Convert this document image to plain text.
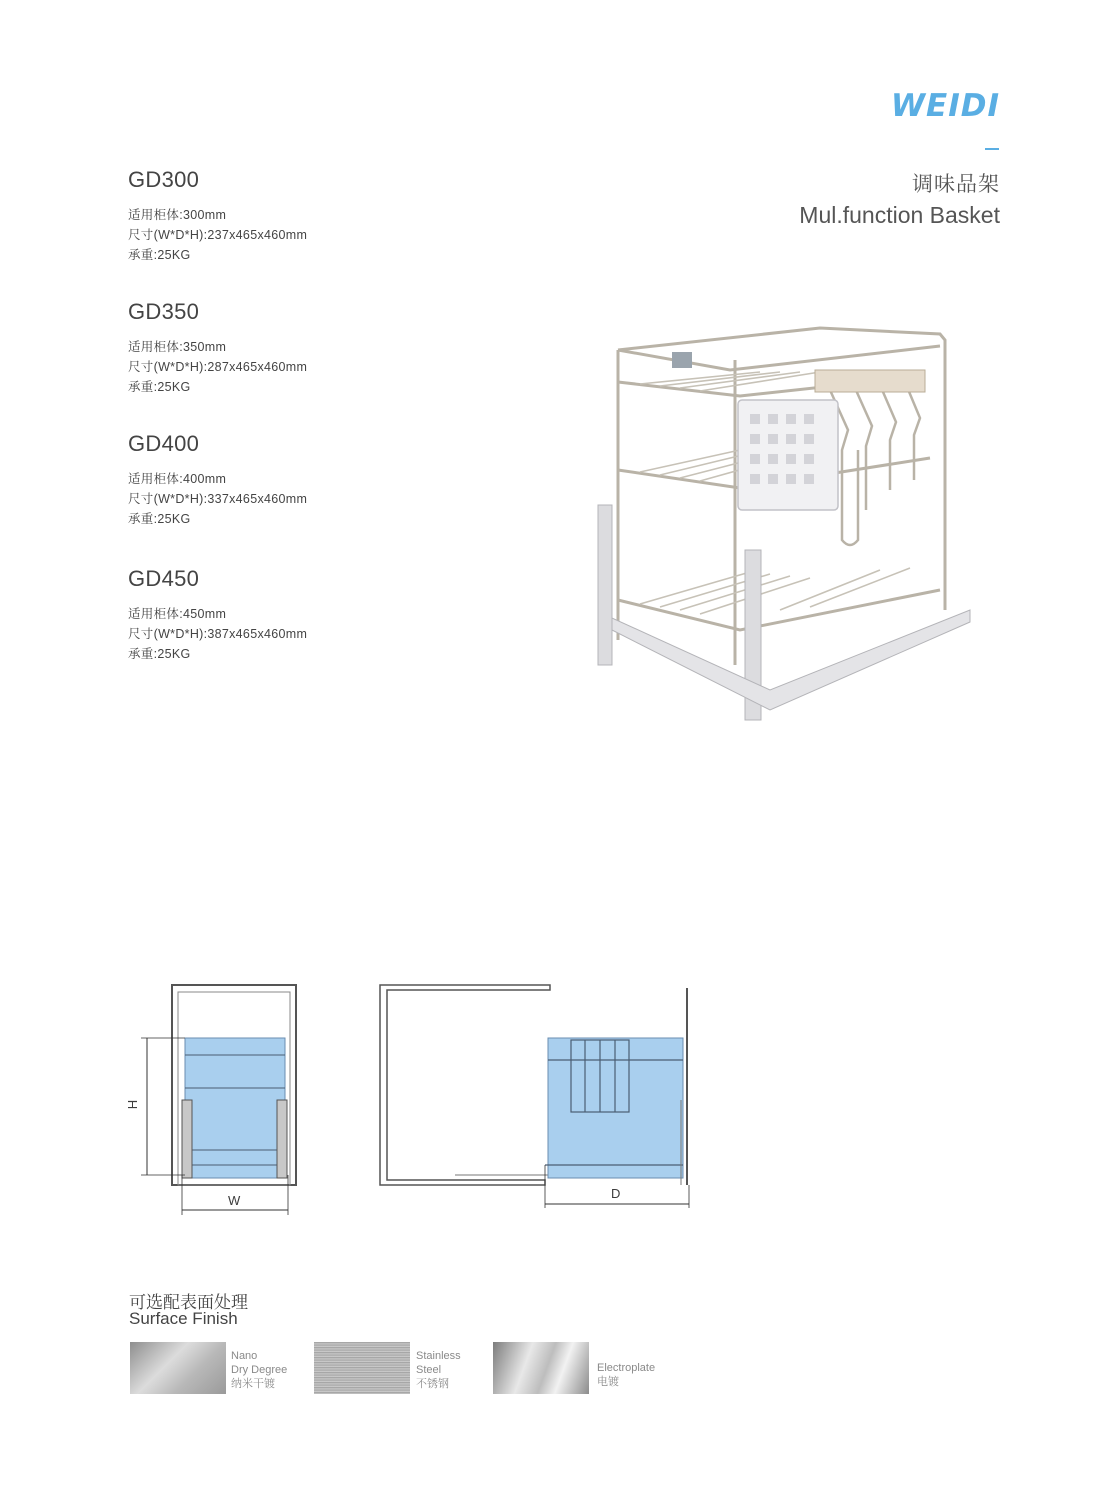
WEIDI
调味品架
Mul.function Basket
GD300
适用柜体:300mm
尺寸(W*D*H):237x465x460mm
承重:25KG
GD350
适用柜体:350mm
尺寸(W*D*H):287x465x460mm
承重:25KG
GD400
适用柜体:400mm
尺寸(W*D*H):337x465x460mm
承重:25KG
GD450
适用柜体:450mm
尺寸(W*D*H):387x465x460mm
承重:25KG
H
W	D
可选配表面处理
Surface Finish
Nano
Dry Degree
纳米干镀
Stainless
Steel
不锈钢
Electroplate
电镀
